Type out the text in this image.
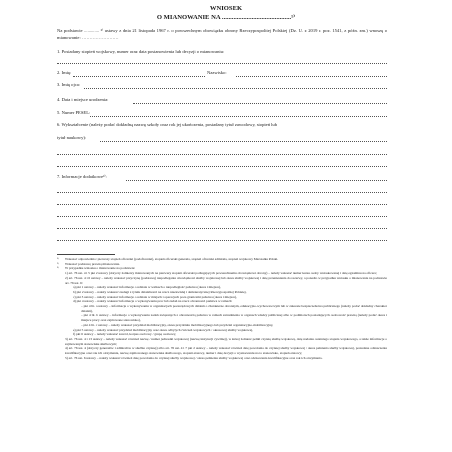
WNIOSEK
O MIANOWANIE NA ..........................................¹⁾
Na podstawie ............. ²⁾ ustawy z dnia 21 listopada 1967 r. o powszechnym obowiązku obrony Rzeczypospolitej Polskiej (Dz. U. z 2019 r. poz. 1541, z późn. zm.) wnoszę o mianowanie: ……………………
1. Posiadany stopień wojskowy, numer oraz data postanowienia lub decyzji o mianowaniu:
2. Imię:	Nazwisko:
3. Imię ojca:
4. Data i miejsce urodzenia:
5. Numer PESEL:
6. Wykształcenie (należy podać dokładną nazwę szkoły oraz rok jej ukończenia, posiadany tytuł zawodowy, stopień lub
tytuł naukowy):
7. Informacje dodatkowe³⁾:
¹⁾	Wskazać odpowiednio: pierwszy stopień oficerski (podoficerski), stopień oficerski generała, stopień oficerski admirała, stopień wojskowy Marszałka Polski.
²⁾	Wskazać podstawę prawną mianowania.
³⁾	W przypadku wniosku o mianowanie na podstawie:
1) art. 76 ust. 4 i 5 pkt 2 ustawy (dotyczy żołnierzy mianowanych na pierwszy stopień oficerski podlegających powszechnemu obowiązkowi obrony) – należy wskazać numer kursu osoby wnioskowanej i datę egzaminu na oficera;
2) art. 76 ust. 4 i 6 ustawy – należy wskazać przyczynę (podstawę) niepodlegania obowiązkowi służby wojskowej lub okres służby wojskowej i datę przeniesienia do rezerwy, a ponadto w przypadku wniosku o mianowanie na podstawie art. 76 ust. 6:
a) pkt 1 ustawy – należy wskazać informacje o udziale w walkach o niepodległość państwa (okres i miejsce),
b) pkt 2 ustawy – należy wskazać zasługi z tytułu działalności na rzecz niezawisłej i demokratycznej Rzeczypospolitej Polskiej,
c) pkt 3 ustawy – należy wskazać informacje o udziale w misjach i operacjach poza granicami państwa (okres i miejsce),
d) pkt 4 ustawy – należy wskazać informacje o wykonywaniu prac lub zadań na rzecz obronności państwa w ramach:
– pkt 4 lit. a ustawy – informacje o wykonywaniu w organizacjach pozarządowych działań o charakterze obronnym, edukacyjno-wychowawczym lub w zakresie bezpieczeństwa publicznego (należy podać dokładny charakter działań),
– pkt 4 lit. b ustawy – informacje o wykonywaniu zadań związanych z obronnością państwa w ramach zatrudnienia w organach władzy publicznej albo w podmiotach posiadających osobowość prawną (należy podać okres i miejsce pracy oraz zajmowane stanowisko),
– pkt 4 lit. c ustawy – należy wskazać przydział mobilizacyjny, okres przydziału mobilizacyjnego lub przydział organizacyjno-mobilizacyjny,
e) pkt 5 ustawy – należy wskazać przydział mobilizacyjny oraz okres odbytych ćwiczeń wojskowych / okresowej służby wojskowej,
f) pkt 6 ustawy – należy wskazać zawód, korpus osobowy / grupę osobową;
3) art. 76 ust. 4 i 13 ustawy – należy wskazać również nazwę / numer jednostki wojskowej (nazwę instytucji cywilnej), w której żołnierz pełnił czynną służbę wojskową, datę nadania ostatniego stopnia wojskowego, a także informacje o zajmowanym stanowisku służbowym;
4) art. 76 ust. 4 (dotyczy generałów i admirałów w służbie czynnej) albo art. 76 ust. 4 i 7 pkt 2 ustawy – należy wskazać również datę powołania do czynnej służby wojskowej / okres pełnienia służby wojskowej, posiadane odznaczenia kwalifikacyjne oraz rok ich otrzymania, nazwę zajmowanego stanowiska służbowego, stopień etatowy, numer i datę decyzji o wyznaczeniu na to stanowisko, stopień etatowy;
5) art. 76 ust. 6 ustawy – należy wskazać również datę powołania do czynnej służby wojskowej / okres pełnienia służby wojskowej oraz odznaczenia kwalifikacyjne oraz rok ich otrzymania.
